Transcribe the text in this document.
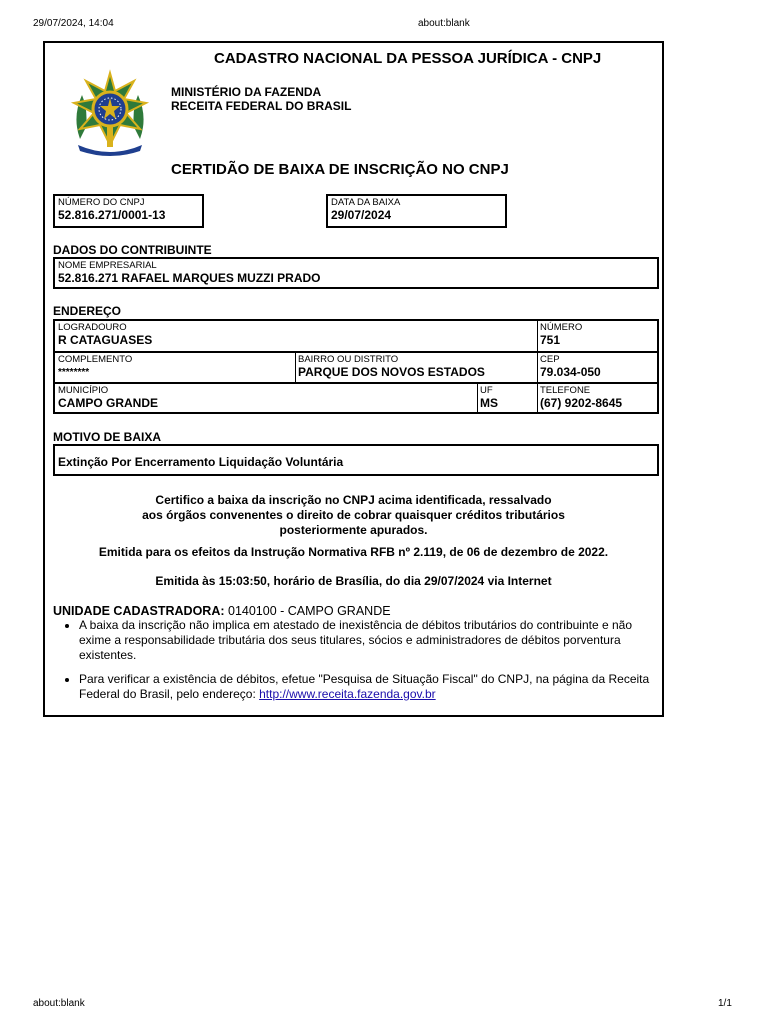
29/07/2024, 14:04	about:blank
about:blank	1/1
CADASTRO NACIONAL DA PESSOA JURÍDICA - CNPJ
MINISTÉRIO DA FAZENDA
RECEITA FEDERAL DO BRASIL
CERTIDÃO DE BAIXA DE INSCRIÇÃO NO CNPJ
NÚMERO DO CNPJ
52.816.271/0001-13
DATA DA BAIXA
29/07/2024
DADOS DO CONTRIBUINTE
NOME EMPRESARIAL
52.816.271 RAFAEL MARQUES MUZZI PRADO
ENDEREÇO
LOGRADOURO
R CATAGUASES
NÚMERO
751
COMPLEMENTO
********
BAIRRO OU DISTRITO
PARQUE DOS NOVOS ESTADOS
CEP
79.034-050
MUNICÍPIO
CAMPO GRANDE
UF
MS
TELEFONE
(67) 9202-8645
MOTIVO DE BAIXA
Extinção Por Encerramento Liquidação Voluntária
Certifico a baixa da inscrição no CNPJ acima identificada, ressalvado
aos órgãos convenentes o direito de cobrar quaisquer créditos tributários
posteriormente apurados.
Emitida para os efeitos da Instrução Normativa RFB nº 2.119, de 06 de dezembro de 2022.
Emitida às 15:03:50, horário de Brasília, do dia 29/07/2024 via Internet
UNIDADE CADASTRADORA: 0140100 - CAMPO GRANDE
• A baixa da inscrição não implica em atestado de inexistência de débitos tributários do contribuinte e não exime a responsabilidade tributária dos seus titulares, sócios e administradores de débitos porventura existentes.
• Para verificar a existência de débitos, efetue "Pesquisa de Situação Fiscal" do CNPJ, na página da Receita Federal do Brasil, pelo endereço: http://www.receita.fazenda.gov.br
